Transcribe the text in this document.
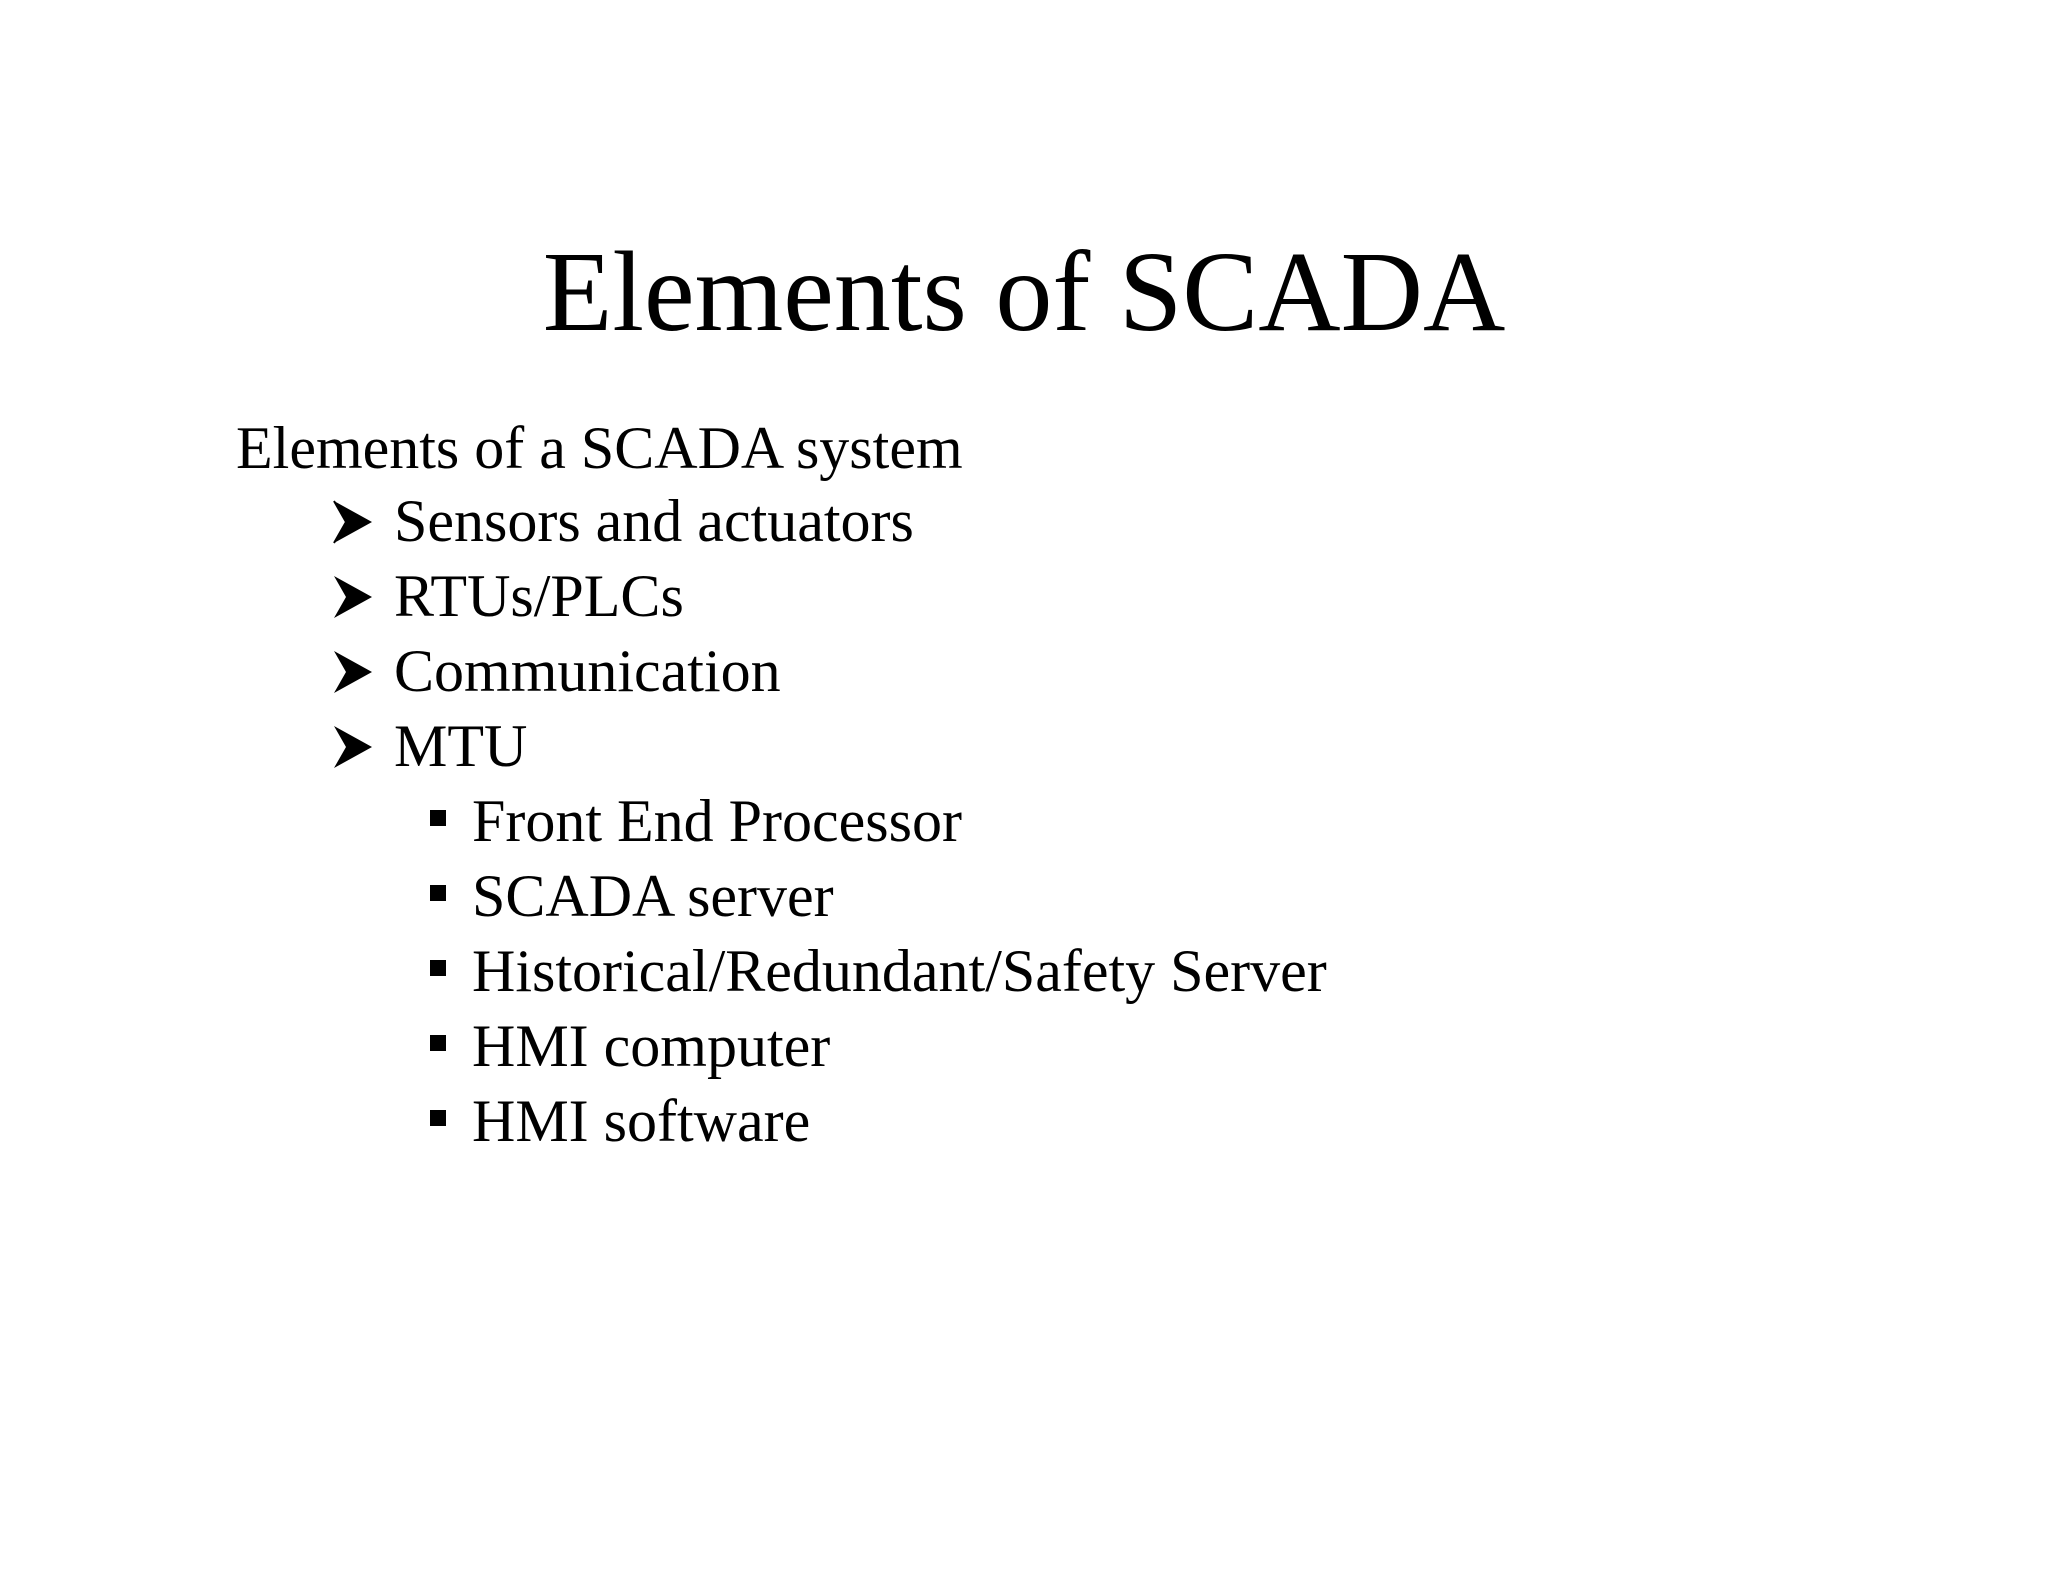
Elements of SCADA
Elements of a SCADA system
Sensors and actuators
RTUs/PLCs
Communication
MTU
Front End Processor
SCADA server
Historical/Redundant/Safety Server
HMI computer
HMI software
